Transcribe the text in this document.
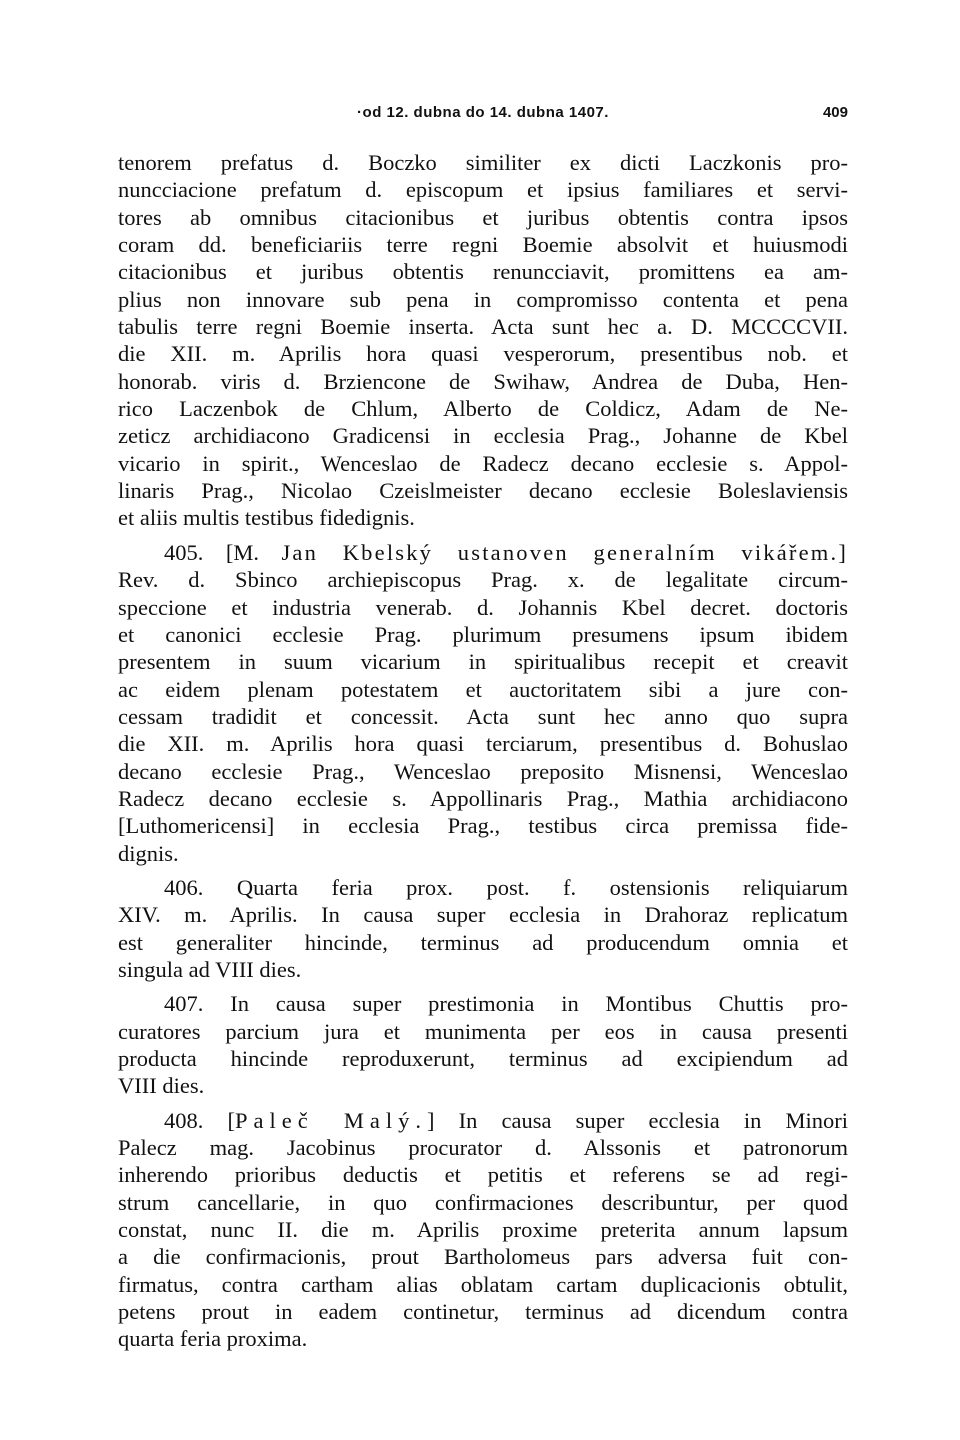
·od 12. dubna do 14. dubna 1407.	409
tenorem prefatus d. Boczko similiter ex dicti Laczkonis pro-
nuncciacione prefatum d. episcopum et ipsius familiares et servi-
tores ab omnibus citacionibus et juribus obtentis contra ipsos
coram dd. beneficiariis terre regni Boemie absolvit et huiusmodi
citacionibus et juribus obtentis renuncciavit, promittens ea am-
plius non innovare sub pena in compromisso contenta et pena
tabulis terre regni Boemie inserta. Acta sunt hec a. D. MCCCCVII.
die XII. m. Aprilis hora quasi vesperorum, presentibus nob. et
honorab. viris d. Brziencone de Swihaw, Andrea de Duba, Hen-
rico Laczenbok de Chlum, Alberto de Coldicz, Adam de Ne-
zeticz archidiacono Gradicensi in ecclesia Prag., Johanne de Kbel
vicario in spirit., Wenceslao de Radecz decano ecclesie s. Appol-
linaris Prag., Nicolao Czeislmeister decano ecclesie Boleslaviensis
et aliis multis testibus fidedignis.
405. [M. Jan Kbelský ustanoven generalním vikářem.]
Rev. d. Sbinco archiepiscopus Prag. x. de legalitate circum-
speccione et industria venerab. d. Johannis Kbel decret. doctoris
et canonici ecclesie Prag. plurimum presumens ipsum ibidem
presentem in suum vicarium in spiritualibus recepit et creavit
ac eidem plenam potestatem et auctoritatem sibi a jure con-
cessam tradidit et concessit. Acta sunt hec anno quo supra
die XII. m. Aprilis hora quasi terciarum, presentibus d. Bohuslao
decano ecclesie Prag., Wenceslao preposito Misnensi, Wenceslao
Radecz decano ecclesie s. Appollinaris Prag., Mathia archidiacono
[Luthomericensi] in ecclesia Prag., testibus circa premissa fide-
dignis.
406. Quarta feria prox. post. f. ostensionis reliquiarum
XIV. m. Aprilis. In causa super ecclesia in Drahoraz replicatum
est generaliter hincinde, terminus ad producendum omnia et
singula ad VIII dies.
407. In causa super prestimonia in Montibus Chuttis pro-
curatores parcium jura et munimenta per eos in causa presenti
producta hincinde reproduxerunt, terminus ad excipiendum ad
VIII dies.
408. [Paleč Malý.] In causa super ecclesia in Minori
Palecz mag. Jacobinus procurator d. Alssonis et patronorum
inherendo prioribus deductis et petitis et referens se ad regi-
strum cancellarie, in quo confirmaciones describuntur, per quod
constat, nunc II. die m. Aprilis proxime preterita annum lapsum
a die confirmacionis, prout Bartholomeus pars adversa fuit con-
firmatus, contra cartham alias oblatam cartam duplicacionis obtulit,
petens prout in eadem continetur, terminus ad dicendum contra
quarta feria proxima.
